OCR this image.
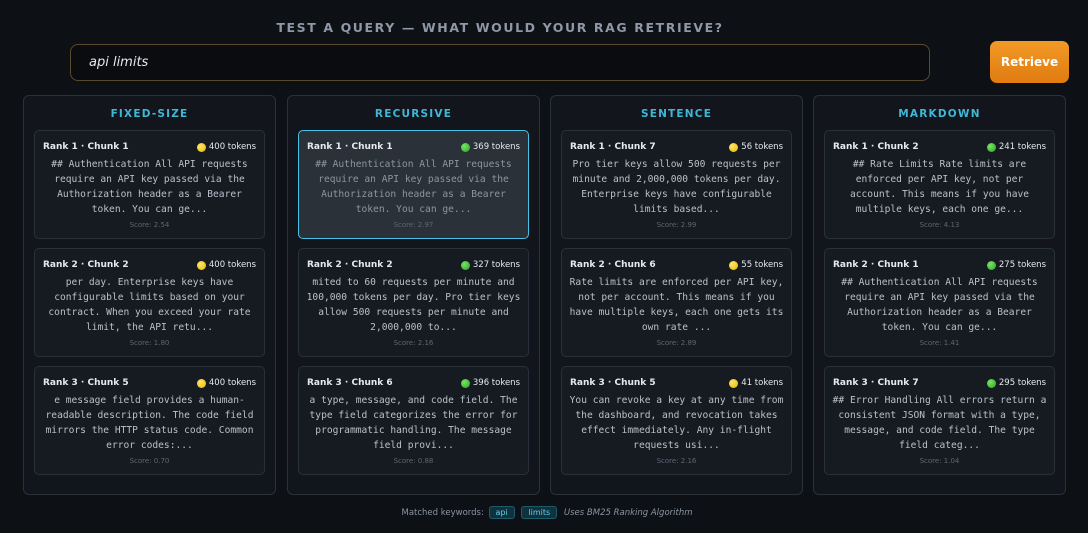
TEST A QUERY — WHAT WOULD YOUR RAG RETRIEVE?
api limits
Retrieve
FIXED-SIZE
Rank 1 · Chunk 1	400 tokens
## Authentication All API requests require an API key passed via the Authorization header as a Bearer token. You can ge...
Score: 2.54
Rank 2 · Chunk 2	400 tokens
per day. Enterprise keys have configurable limits based on your contract. When you exceed your rate limit, the API retu...
Score: 1.80
Rank 3 · Chunk 5	400 tokens
e message field provides a human-readable description. The code field mirrors the HTTP status code. Common error codes:...
Score: 0.70
RECURSIVE
Rank 1 · Chunk 1	369 tokens
## Authentication All API requests require an API key passed via the Authorization header as a Bearer token. You can ge...
Score: 2.97
Rank 2 · Chunk 2	327 tokens
mited to 60 requests per minute and 100,000 tokens per day. Pro tier keys allow 500 requests per minute and 2,000,000 to...
Score: 2.16
Rank 3 · Chunk 6	396 tokens
a type, message, and code field. The type field categorizes the error for programmatic handling. The message field provi...
Score: 0.88
SENTENCE
Rank 1 · Chunk 7	56 tokens
Pro tier keys allow 500 requests per minute and 2,000,000 tokens per day. Enterprise keys have configurable limits based...
Score: 2.99
Rank 2 · Chunk 6	55 tokens
Rate limits are enforced per API key, not per account. This means if you have multiple keys, each one gets its own rate ...
Score: 2.89
Rank 3 · Chunk 5	41 tokens
You can revoke a key at any time from the dashboard, and revocation takes effect immediately. Any in-flight requests usi...
Score: 2.16
MARKDOWN
Rank 1 · Chunk 2	241 tokens
## Rate Limits Rate limits are enforced per API key, not per account. This means if you have multiple keys, each one ge...
Score: 4.13
Rank 2 · Chunk 1	275 tokens
## Authentication All API requests require an API key passed via the Authorization header as a Bearer token. You can ge...
Score: 1.41
Rank 3 · Chunk 7	295 tokens
## Error Handling All errors return a consistent JSON format with a type, message, and code field. The type field categ...
Score: 1.04
Matched keywords: api	limits Uses BM25 Ranking Algorithm
